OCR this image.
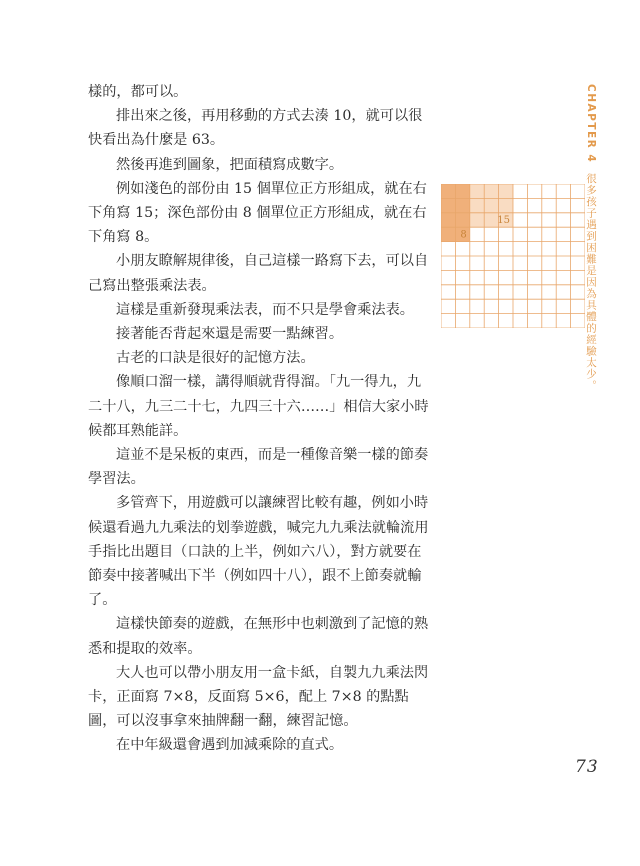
樣的，都可以。

排出來之後，再用移動的方式去湊 10，就可以很快看出為什麼是 63。

然後再進到圖象，把面積寫成數字。

例如淺色的部份由 15 個單位正方形組成，就在右下角寫 15；深色部份由 8 個單位正方形組成，就在右下角寫 8。

小朋友瞭解規律後，自己這樣一路寫下去，可以自己寫出整張乘法表。

這樣是重新發現乘法表，而不只是學會乘法表。

接著能否背起來還是需要一點練習。

古老的口訣是很好的記憶方法。

像順口溜一樣，講得順就背得溜。「九一得九，九二十八，九三二十七，九四三十六……」相信大家小時候都耳熟能詳。

這並不是呆板的東西，而是一種像音樂一樣的節奏學習法。

多管齊下，用遊戲可以讓練習比較有趣，例如小時候還看過九九乘法的划拳遊戲，喊完九九乘法就輪流用手指比出題目（口訣的上半，例如六八），對方就要在節奏中接著喊出下半（例如四十八），跟不上節奏就輸了。

這樣快節奏的遊戲，在無形中也刺激到了記憶的熟悉和提取的效率。

大人也可以帶小朋友用一盒卡紙，自製九九乘法閃卡，正面寫 7×8，反面寫 5×6，配上 7×8 的點點圖，可以沒事拿來抽牌翻一翻，練習記憶。

在中年級還會遇到加減乘除的直式。

CHAPTER 4很多孩子遇到困難是因為具體的經驗太少。
15
8
73
